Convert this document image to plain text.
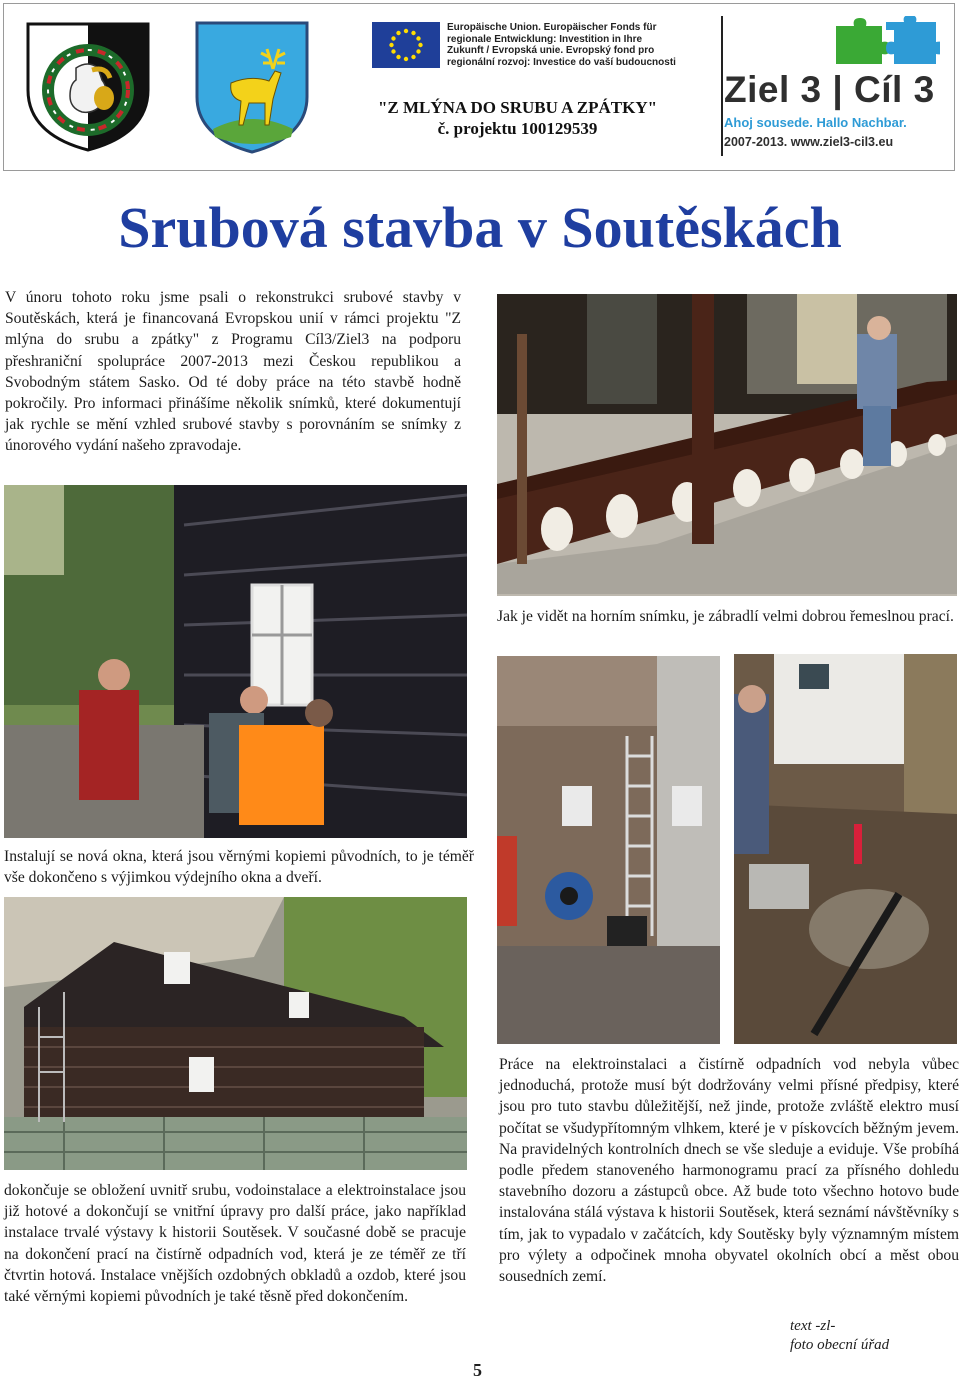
Europäische Union. Europäischer Fonds für
regionale Entwicklung: Investition in Ihre
Zukunft / Evropská unie. Evropský fond pro
regionální rozvoj: Investice do vaší budoucnosti
"Z MLÝNA DO SRUBU A ZPÁTKY"
č. projektu 100129539
Ziel 3 | Cíl 3
Ahoj sousede. Hallo Nachbar.
2007-2013. www.ziel3-cil3.eu
Srubová stavba v Soutěskách
V únoru tohoto roku jsme psali o rekonstrukci srubové stavby v Soutěskách, která je financovaná Evropskou unií v rámci projektu "Z mlýna do srubu a zpátky" z Programu Cíl3/Ziel3 na podporu přeshraniční spolupráce 2007-2013 mezi Českou republikou a Svobodným státem Sasko. Od té doby práce na této stavbě hodně pokročily. Pro informaci přinášíme několik snímků, které dokumentují jak rychle se mění vzhled srubové stavby s porovnáním se snímky z únorového vydání našeho zpravodaje.
Jak je vidět na horním snímku, je zábradlí velmi dobrou řemeslnou prací.
Instalují se nová okna, která jsou věrnými kopiemi původních, to je téměř vše dokončeno s výjimkou výdejního okna a dveří.
dokončuje se obložení uvnitř srubu, vodoinstalace a elektroinstalace jsou již hotové a dokončují se vnitřní úpravy pro další práce, jako například instalace trvalé výstavy k historii Soutěsek. V současné době se pracuje na dokončení prací na čistírně odpadních vod, která je ze téměř ze tří čtvrtin hotová. Instalace vnějších ozdobných obkladů a ozdob, které jsou také věrnými kopiemi původních je také těsně před dokončením.
Práce na elektroinstalaci a čistírně odpadních vod nebyla vůbec jednoduchá, protože musí být dodržovány velmi přísné předpisy, které jsou pro tuto stavbu důležitější, než jinde, protože zvláště elektro musí počítat se všudypřítomným vlhkem, které je v pískovcích běžným jevem. Na pravidelných kontrolních dnech se vše sleduje a eviduje. Vše probíhá podle předem stanoveného harmonogramu prací za přísného dohledu stavebního dozoru a zástupců obce. Až bude toto všechno hotovo bude instalována stálá výstava k historii Soutěsek, která seznámí návštěvníky s tím, jak to vypadalo v začátcích, kdy Soutěsky byly významným místem pro výlety a odpočinek mnoha obyvatel okolních obcí a měst obou sousedních zemí.
text -zl-
foto obecní úřad
5
